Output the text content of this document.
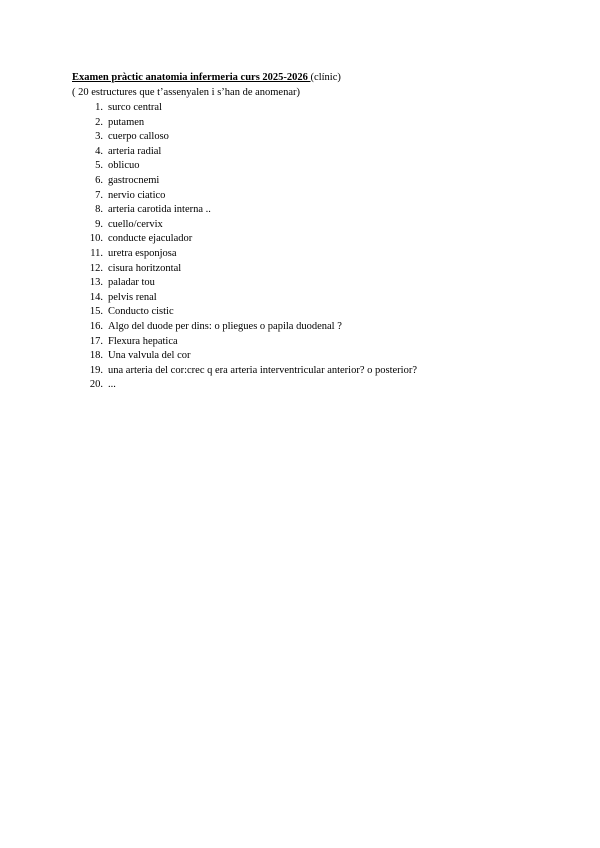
Examen pràctic anatomia infermeria curs 2025-2026 (clínic)
( 20 estructures que t’assenyalen i s’han de anomenar)
1. surco central
2. putamen
3. cuerpo calloso
4. arteria radial
5. oblicuo
6. gastrocnemi
7. nervio ciatico
8. arteria carotida interna ..
9. cuello/cervix
10. conducte ejaculador
11. uretra esponjosa
12. cisura horitzontal
13. paladar tou
14. pelvis renal
15. Conducto cistic
16. Algo del duode per dins: o pliegues o papila duodenal ?
17. Flexura hepatica
18. Una valvula del cor
19. una arteria del cor:crec q era arteria interventricular anterior? o posterior?
20. ...
